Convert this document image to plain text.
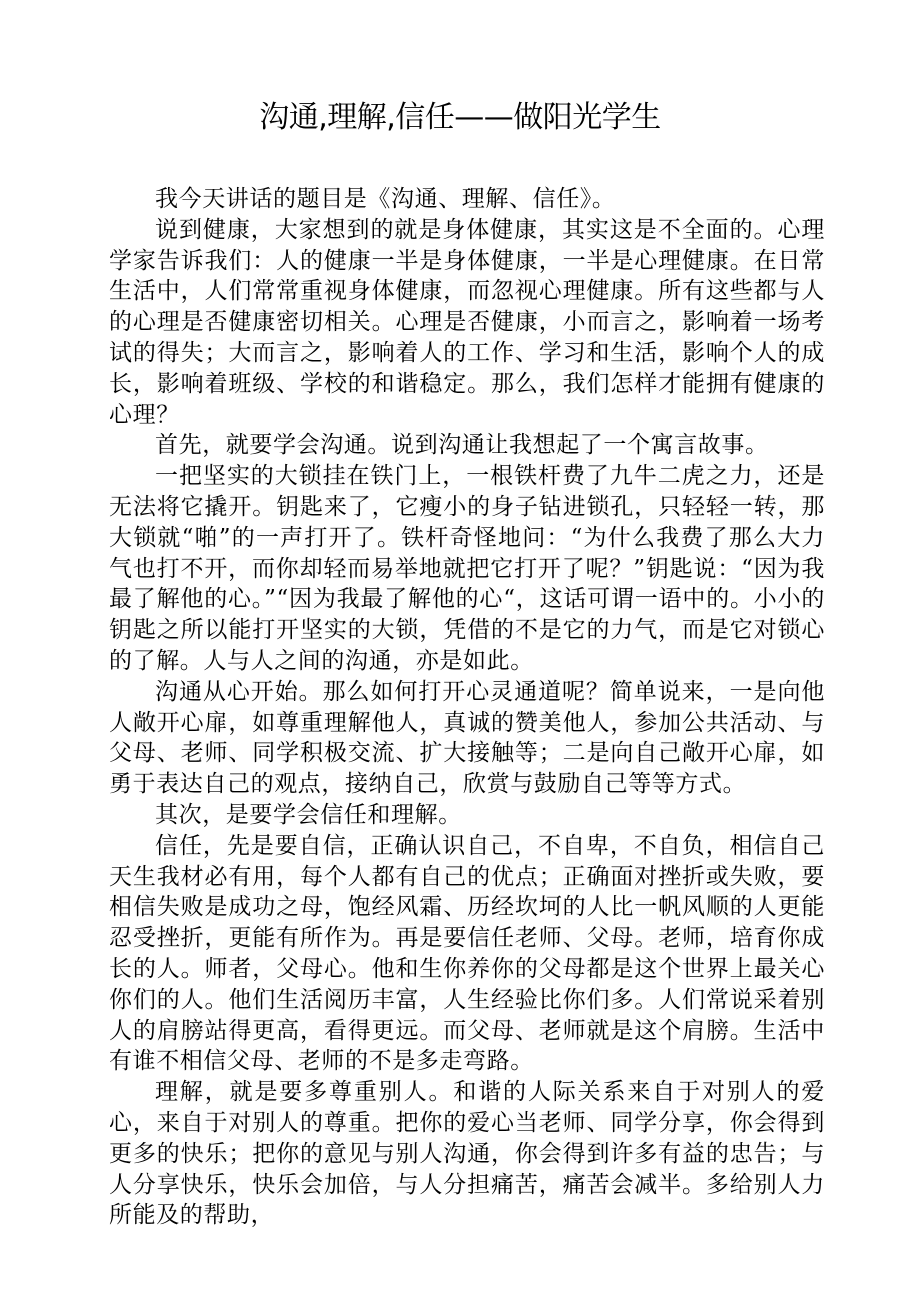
沟通,理解,信任——做阳光学生

我今天讲话的题目是《沟通、理解、信任》。

说到健康，大家想到的就是身体健康，其实这是不全面的。心理学家告诉我们：人的健康一半是身体健康，一半是心理健康。在日常生活中，人们常常重视身体健康，而忽视心理健康。所有这些都与人的心理是否健康密切相关。心理是否健康，小而言之，影响着一场考试的得失；大而言之，影响着人的工作、学习和生活，影响个人的成长，影响着班级、学校的和谐稳定。那么，我们怎样才能拥有健康的心理？

首先，就要学会沟通。说到沟通让我想起了一个寓言故事。

一把坚实的大锁挂在铁门上，一根铁杆费了九牛二虎之力，还是无法将它撬开。钥匙来了，它瘦小的身子钻进锁孔，只轻轻一转，那大锁就“啪”的一声打开了。铁杆奇怪地问：“为什么我费了那么大力气也打不开，而你却轻而易举地就把它打开了呢？”钥匙说：“因为我最了解他的心。”“因为我最了解他的心“，这话可谓一语中的。小小的钥匙之所以能打开坚实的大锁，凭借的不是它的力气，而是它对锁心的了解。人与人之间的沟通，亦是如此。

沟通从心开始。那么如何打开心灵通道呢？简单说来，一是向他人敞开心扉，如尊重理解他人，真诚的赞美他人，参加公共活动、与父母、老师、同学积极交流、扩大接触等；二是向自己敞开心扉，如勇于表达自己的观点，接纳自己，欣赏与鼓励自己等等方式。

其次，是要学会信任和理解。

信任，先是要自信，正确认识自己，不自卑，不自负，相信自己天生我材必有用，每个人都有自己的优点；正确面对挫折或失败，要相信失败是成功之母，饱经风霜、历经坎坷的人比一帆风顺的人更能忍受挫折，更能有所作为。再是要信任老师、父母。老师，培育你成长的人。师者，父母心。他和生你养你的父母都是这个世界上最关心你们的人。他们生活阅历丰富，人生经验比你们多。人们常说采着别人的肩膀站得更高，看得更远。而父母、老师就是这个肩膀。生活中有谁不相信父母、老师的不是多走弯路。

理解，就是要多尊重别人。和谐的人际关系来自于对别人的爱心，来自于对别人的尊重。把你的爱心当老师、同学分享，你会得到更多的快乐；把你的意见与别人沟通，你会得到许多有益的忠告；与人分享快乐，快乐会加倍，与人分担痛苦，痛苦会减半。多给别人力所能及的帮助，
